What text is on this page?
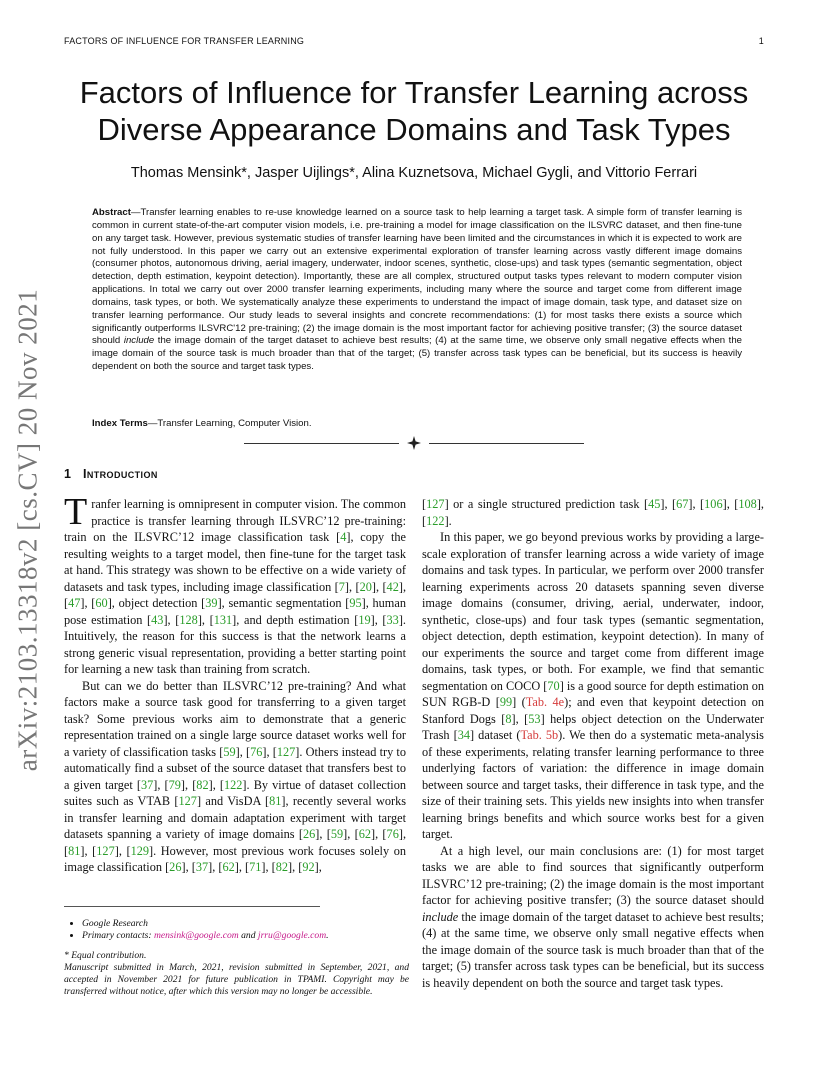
FACTORS OF INFLUENCE FOR TRANSFER LEARNING	1
arXiv:2103.13318v2 [cs.CV] 20 Nov 2021
Factors of Influence for Transfer Learning across
Diverse Appearance Domains and Task Types
Thomas Mensink*, Jasper Uijlings*, Alina Kuznetsova, Michael Gygli, and Vittorio Ferrari

Abstract—Transfer learning enables to re-use knowledge learned on a source task to help learning a target task. A simple form of transfer learning is common in current state-of-the-art computer vision models, i.e. pre-training a model for image classification on the ILSVRC dataset, and then fine-tune on any target task. However, previous systematic studies of transfer learning have been limited and the circumstances in which it is expected to work are not fully understood. In this paper we carry out an extensive experimental exploration of transfer learning across vastly different image domains (consumer photos, autonomous driving, aerial imagery, underwater, indoor scenes, synthetic, close-ups) and task types (semantic segmentation, object detection, depth estimation, keypoint detection). Importantly, these are all complex, structured output tasks types relevant to modern computer vision applications. In total we carry out over 2000 transfer learning experiments, including many where the source and target come from different image domains, task types, or both. We systematically analyze these experiments to understand the impact of image domain, task type, and dataset size on transfer learning performance. Our study leads to several insights and concrete recommendations: (1) for most tasks there exists a source which significantly outperforms ILSVRC'12 pre-training; (2) the image domain is the most important factor for achieving positive transfer; (3) the source dataset should include the image domain of the target dataset to achieve best results; (4) at the same time, we observe only small negative effects when the image domain of the source task is much broader than that of the target; (5) transfer across task types can be beneficial, but its success is heavily dependent on both the source and target task types.

Index Terms—Transfer Learning, Computer Vision.
1 Introduction

Tranfer learning is omnipresent in computer vision. The common practice is transfer learning through ILSVRC’12 pre-training: train on the ILSVRC’12 image classification task [4], copy the resulting weights to a target model, then fine-tune for the target task at hand. This strategy was shown to be effective on a wide variety of datasets and task types, including image classification [7], [20], [42], [47], [60], object detection [39], semantic segmentation [95], human pose estimation [43], [128], [131], and depth estimation [19], [33]. Intuitively, the reason for this success is that the network learns a strong generic visual representation, providing a better starting point for learning a new task than training from scratch.

But can we do better than ILSVRC’12 pre-training? And what factors make a source task good for transferring to a given target task? Some previous works aim to demonstrate that a generic representation trained on a single large source dataset works well for a variety of classification tasks [59], [76], [127]. Others instead try to automatically find a subset of the source dataset that transfers best to a given target [37], [79], [82], [122]. By virtue of dataset collection suites such as VTAB [127] and VisDA [81], recently several works in transfer learning and domain adaptation experiment with target datasets spanning a variety of image domains [26], [59], [62], [76], [81], [127], [129]. However, most previous work focuses solely on image classification [26], [37], [62], [71], [82], [92],

[127] or a single structured prediction task [45], [67], [106], [108], [122].

In this paper, we go beyond previous works by providing a large-scale exploration of transfer learning across a wide variety of image domains and task types. In particular, we perform over 2000 transfer learning experiments across 20 datasets spanning seven diverse image domains (consumer, driving, aerial, underwater, indoor, synthetic, close-ups) and four task types (semantic segmentation, object detection, depth estimation, keypoint detection). In many of our experiments the source and target come from different image domains, task types, or both. For example, we find that semantic segmentation on COCO [70] is a good source for depth estimation on SUN RGB-D [99] (Tab. 4e); and even that keypoint detection on Stanford Dogs [8], [53] helps object detection on the Underwater Trash [34] dataset (Tab. 5b). We then do a systematic meta-analysis of these experiments, relating transfer learning performance to three underlying factors of variation: the difference in image domain between source and target tasks, their difference in task type, and the size of their training sets. This yields new insights into when transfer learning brings benefits and which source works best for a given target.

At a high level, our main conclusions are: (1) for most target tasks we are able to find sources that significantly outperform ILSVRC’12 pre-training; (2) the image domain is the most important factor for achieving positive transfer; (3) the source dataset should include the image domain of the target dataset to achieve best results; (4) at the same time, we observe only small negative effects when the image domain of the source task is much broader than that of the target; (5) transfer across task types can be beneficial, but its success is heavily dependent on both the source and target task types.

• Google Research
• Primary contacts: mensink@google.com and jrru@google.com.

* Equal contribution.

Manuscript submitted in March, 2021, revision submitted in September, 2021, and accepted in November 2021 for future publication in TPAMI. Copyright may be transferred without notice, after which this version may no longer be accessible.
